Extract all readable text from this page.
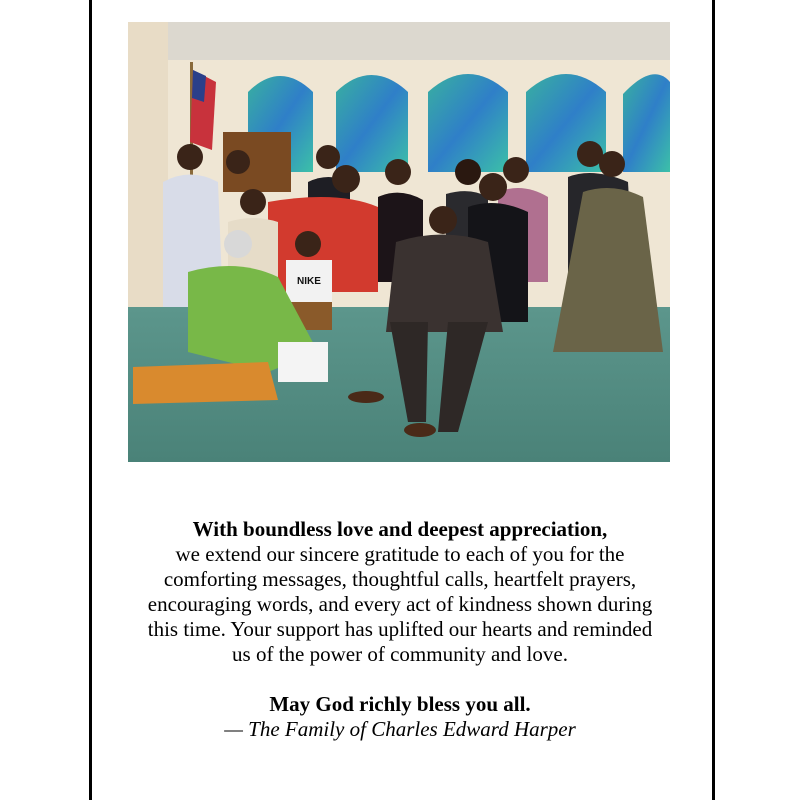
NIKE

With boundless love and deepest appreciation,

we extend our sincere gratitude to each of you for the

comforting messages, thoughtful calls, heartfelt prayers,

encouraging words, and every act of kindness shown during

this time. Your support has uplifted our hearts and reminded

us of the power of community and love.

May God richly bless you all.

— The Family of Charles Edward Harper
